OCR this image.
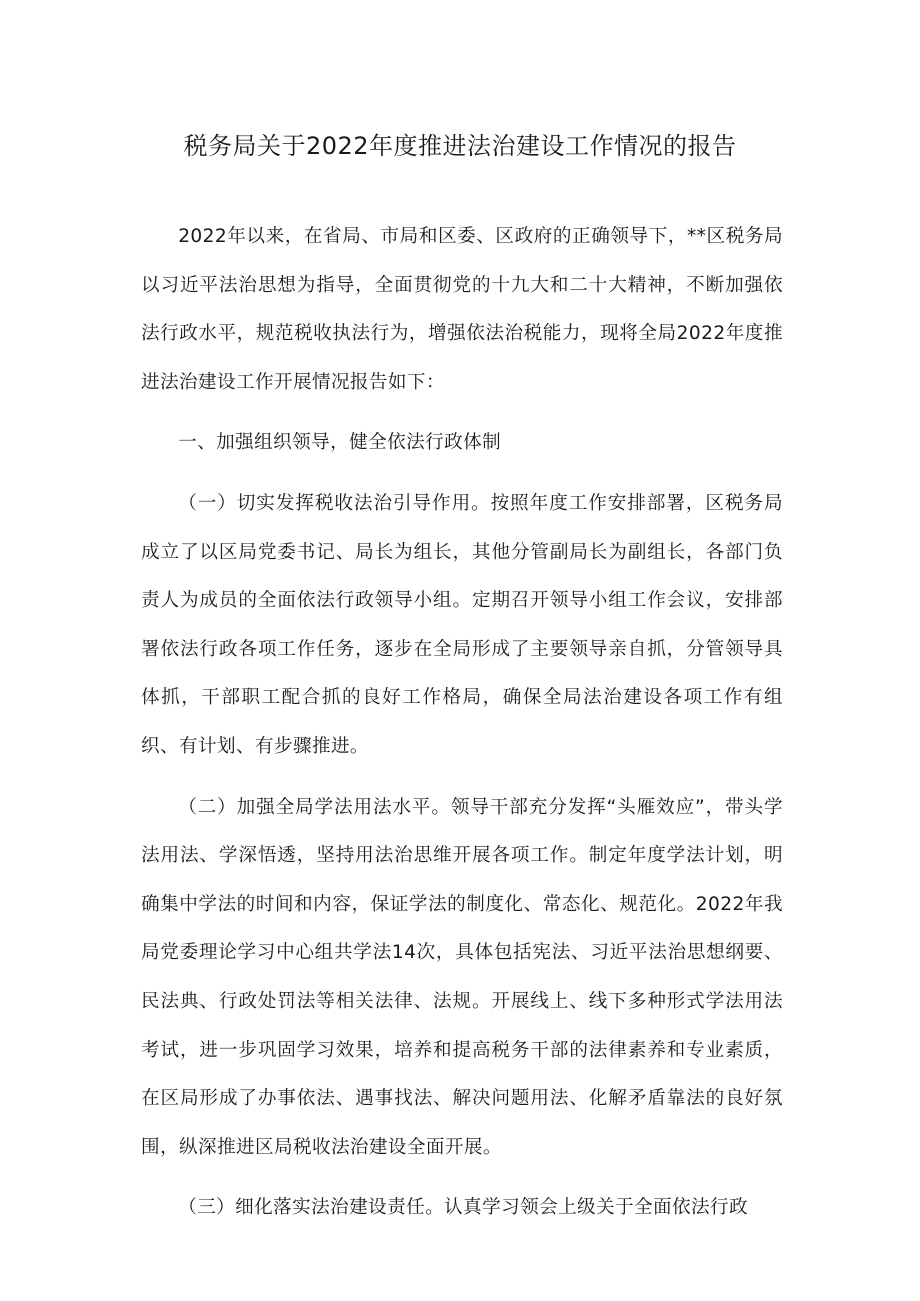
税务局关于2022年度推进法治建设工作情况的报告

2022年以来，在省局、市局和区委、区政府的正确领导下，**区税务局以习近平法治思想为指导，全面贯彻党的十九大和二十大精神，不断加强依法行政水平，规范税收执法行为，增强依法治税能力，现将全局2022年度推进法治建设工作开展情况报告如下：

一、加强组织领导，健全依法行政体制

（一）切实发挥税收法治引导作用。按照年度工作安排部署，区税务局成立了以区局党委书记、局长为组长，其他分管副局长为副组长，各部门负责人为成员的全面依法行政领导小组。定期召开领导小组工作会议，安排部署依法行政各项工作任务，逐步在全局形成了主要领导亲自抓，分管领导具体抓，干部职工配合抓的良好工作格局，确保全局法治建设各项工作有组织、有计划、有步骤推进。

（二）加强全局学法用法水平。领导干部充分发挥“头雁效应”，带头学法用法、学深悟透，坚持用法治思维开展各项工作。制定年度学法计划，明确集中学法的时间和内容，保证学法的制度化、常态化、规范化。2022年我局党委理论学习中心组共学法14次，具体包括宪法、习近平法治思想纲要、民法典、行政处罚法等相关法律、法规。开展线上、线下多种形式学法用法考试，进一步巩固学习效果，培养和提高税务干部的法律素养和专业素质，在区局形成了办事依法、遇事找法、解决问题用法、化解矛盾靠法的良好氛围，纵深推进区局税收法治建设全面开展。

（三）细化落实法治建设责任。认真学习领会上级关于全面依法行政
